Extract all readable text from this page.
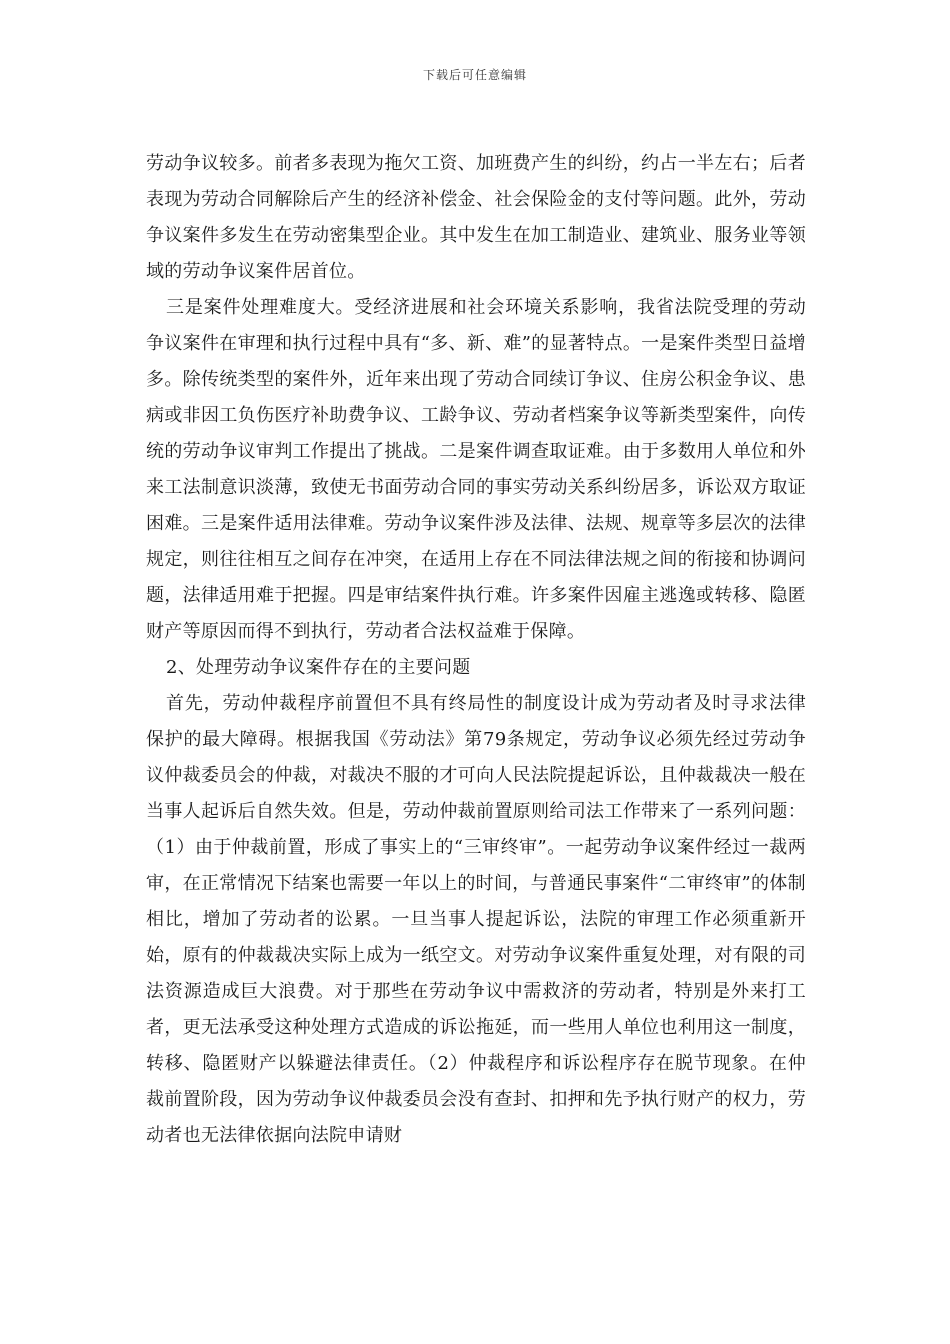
下载后可任意编辑

劳动争议较多。前者多表现为拖欠工资、加班费产生的纠纷，约占一半左右；后者表现为劳动合同解除后产生的经济补偿金、社会保险金的支付等问题。此外，劳动争议案件多发生在劳动密集型企业。其中发生在加工制造业、建筑业、服务业等领域的劳动争议案件居首位。

三是案件处理难度大。受经济进展和社会环境关系影响，我省法院受理的劳动争议案件在审理和执行过程中具有“多、新、难”的显著特点。一是案件类型日益增多。除传统类型的案件外，近年来出现了劳动合同续订争议、住房公积金争议、患病或非因工负伤医疗补助费争议、工龄争议、劳动者档案争议等新类型案件，向传统的劳动争议审判工作提出了挑战。二是案件调查取证难。由于多数用人单位和外来工法制意识淡薄，致使无书面劳动合同的事实劳动关系纠纷居多，诉讼双方取证困难。三是案件适用法律难。劳动争议案件涉及法律、法规、规章等多层次的法律规定，则往往相互之间存在冲突，在适用上存在不同法律法规之间的衔接和协调问题，法律适用难于把握。四是审结案件执行难。许多案件因雇主逃逸或转移、隐匿财产等原因而得不到执行，劳动者合法权益难于保障。

2、处理劳动争议案件存在的主要问题

首先，劳动仲裁程序前置但不具有终局性的制度设计成为劳动者及时寻求法律保护的最大障碍。根据我国《劳动法》第79条规定，劳动争议必须先经过劳动争议仲裁委员会的仲裁，对裁决不服的才可向人民法院提起诉讼，且仲裁裁决一般在当事人起诉后自然失效。但是，劳动仲裁前置原则给司法工作带来了一系列问题：（1）由于仲裁前置，形成了事实上的“三审终审”。一起劳动争议案件经过一裁两审，在正常情况下结案也需要一年以上的时间，与普通民事案件“二审终审”的体制相比，增加了劳动者的讼累。一旦当事人提起诉讼，法院的审理工作必须重新开始，原有的仲裁裁决实际上成为一纸空文。对劳动争议案件重复处理，对有限的司法资源造成巨大浪费。对于那些在劳动争议中需救济的劳动者，特别是外来打工者，更无法承受这种处理方式造成的诉讼拖延，而一些用人单位也利用这一制度，转移、隐匿财产以躲避法律责任。（2）仲裁程序和诉讼程序存在脱节现象。在仲裁前置阶段，因为劳动争议仲裁委员会没有查封、扣押和先予执行财产的权力，劳动者也无法律依据向法院申请财
